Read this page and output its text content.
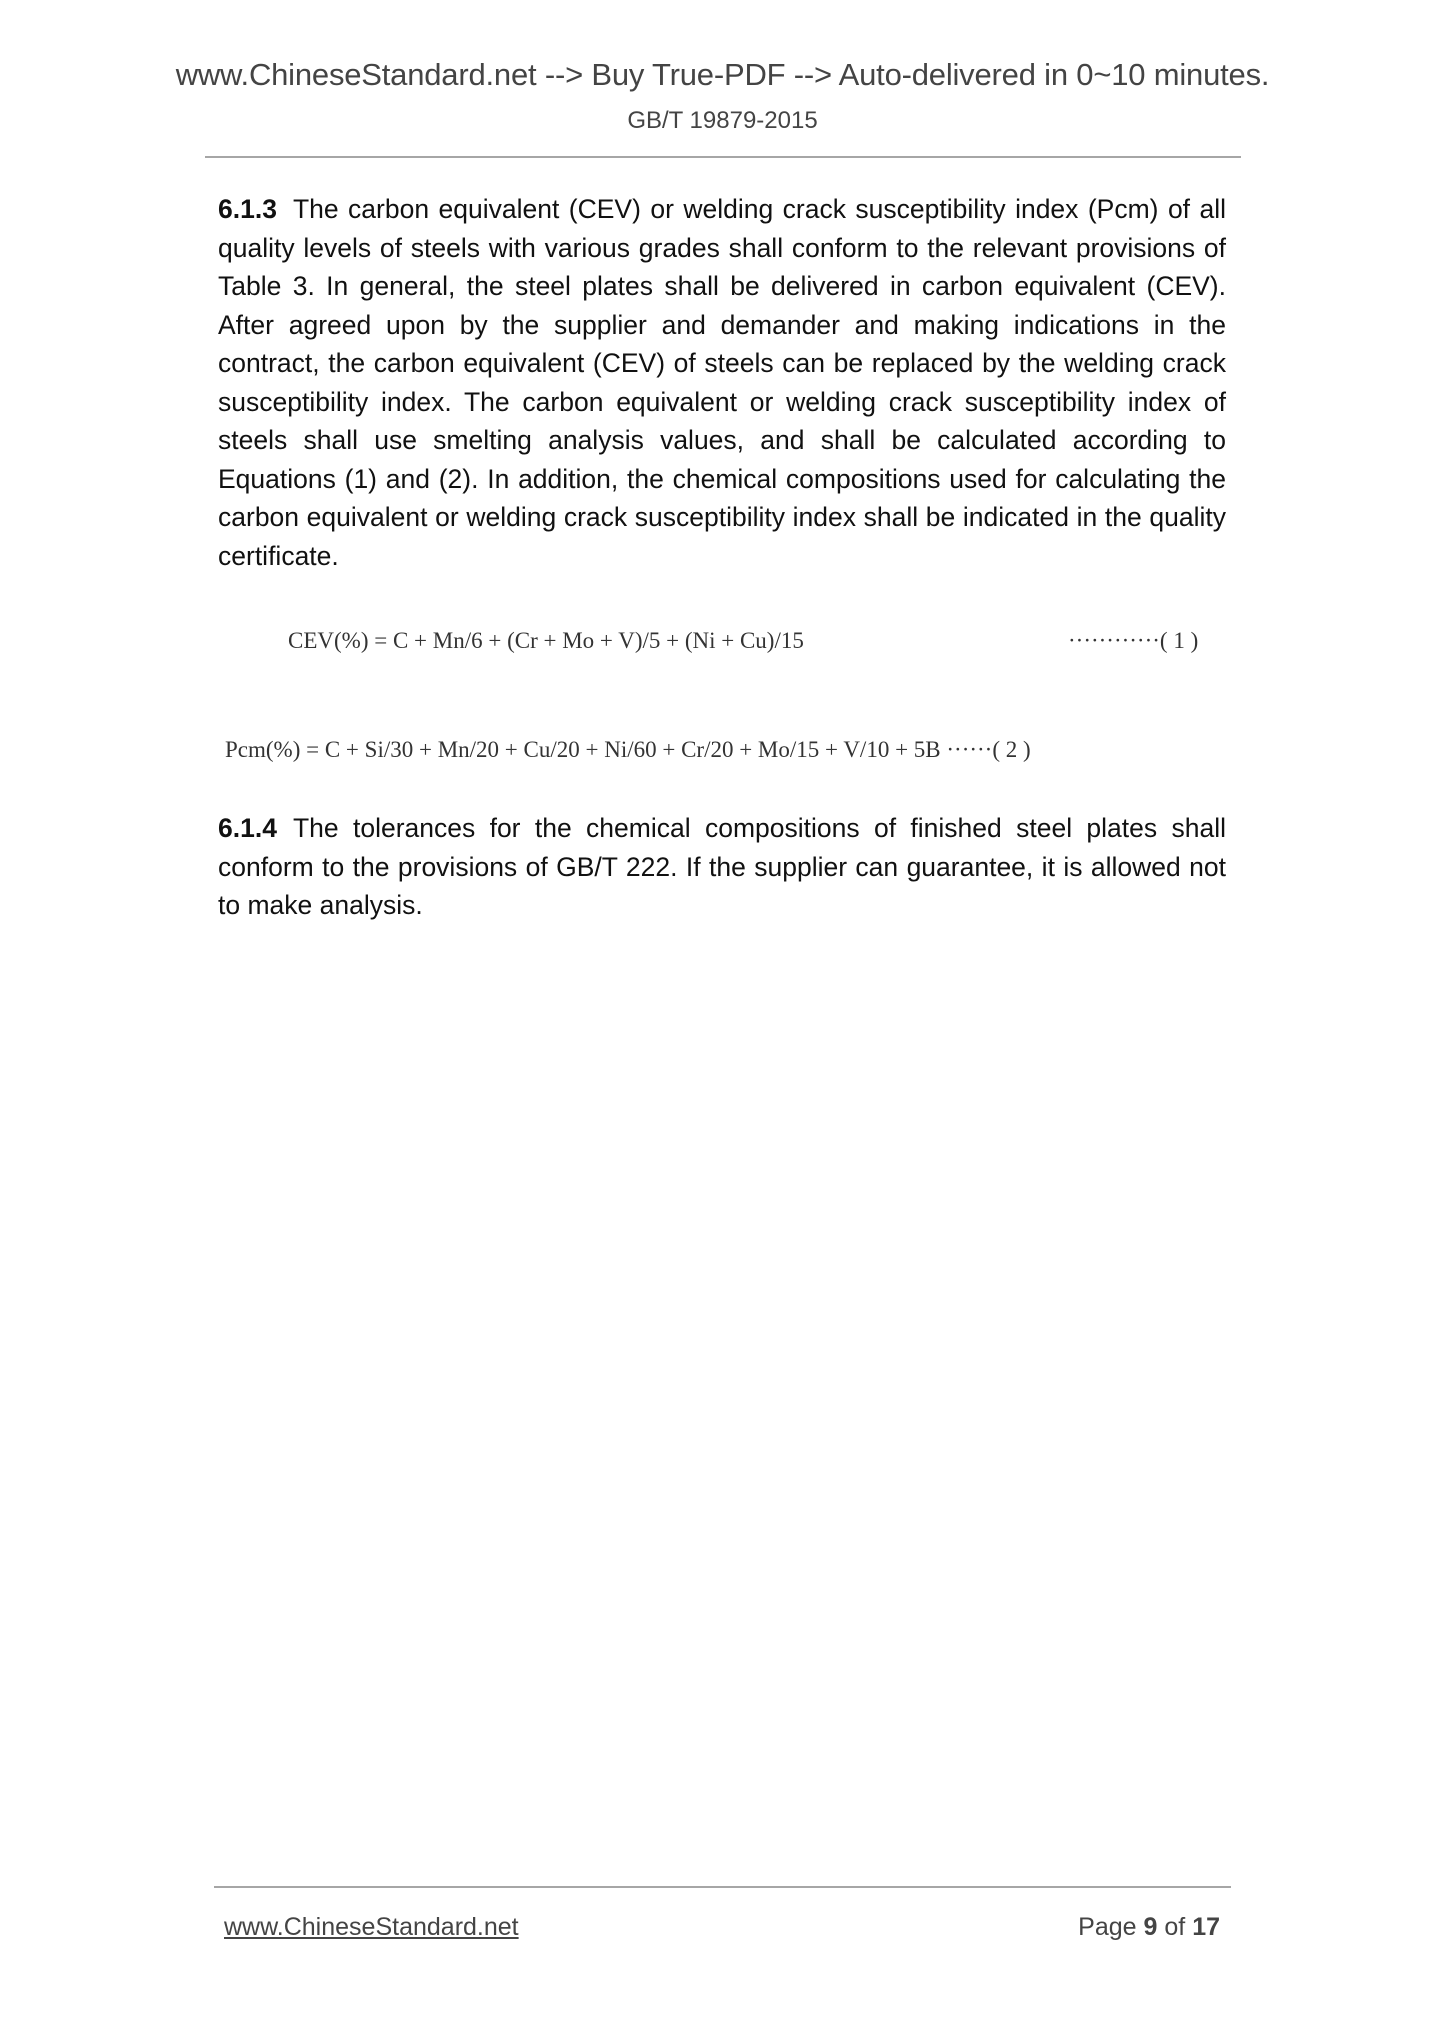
www.ChineseStandard.net --> Buy True-PDF --> Auto-delivered in 0~10 minutes.
GB/T 19879-2015
6.1.3 The carbon equivalent (CEV) or welding crack susceptibility index (Pcm) of all quality levels of steels with various grades shall conform to the relevant provisions of Table 3. In general, the steel plates shall be delivered in carbon equivalent (CEV). After agreed upon by the supplier and demander and making indications in the contract, the carbon equivalent (CEV) of steels can be replaced by the welding crack susceptibility index. The carbon equivalent or welding crack susceptibility index of steels shall use smelting analysis values, and shall be calculated according to Equations (1) and (2). In addition, the chemical compositions used for calculating the carbon equivalent or welding crack susceptibility index shall be indicated in the quality certificate.
CEV(%) = C + Mn/6 + (Cr + Mo + V)/5 + (Ni + Cu)/15	············( 1 )
Pcm(%) = C + Si/30 + Mn/20 + Cu/20 + Ni/60 + Cr/20 + Mo/15 + V/10 + 5B ······( 2 )
6.1.4 The tolerances for the chemical compositions of finished steel plates shall conform to the provisions of GB/T 222. If the supplier can guarantee, it is allowed not to make analysis.
www.ChineseStandard.net	Page 9 of 17
